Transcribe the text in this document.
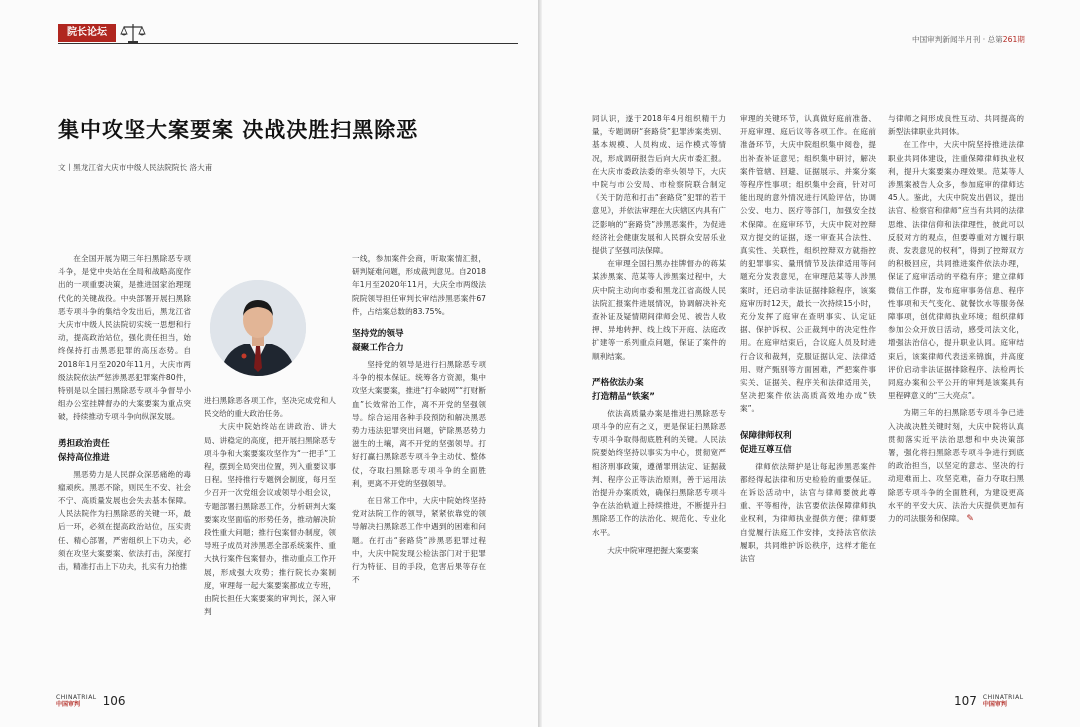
院长论坛
集中攻坚大案要案 决战决胜扫黑除恶
文丨黑龙江省大庆市中级人民法院院长 洛大甫

在全国开展为期三年扫黑除恶专项斗争，是党中央站在全局和战略高度作出的一项重要决策，是推进国家治理现代化的关键战役。中央部署开展扫黑除恶专项斗争的集结令发出后，黑龙江省大庆市中级人民法院切实统一思想和行动，提高政治站位，强化责任担当，始终保持打击黑恶犯罪的高压态势。自2018年1月至2020年11月，大庆市两级法院依法严惩涉黑恶犯罪案件80件，特别是以全国扫黑除恶专项斗争督导小组办公室挂牌督办的大案要案为重点突破，持续推动专项斗争向纵深发展。

勇担政治责任
保持高位推进

黑恶势力是人民群众深恶痛绝的毒瘤顽疾。黑恶不除，则民生不安、社会不宁、高质量发展也会失去基本保障。人民法院作为扫黑除恶的关键一环，最后一环，必须在提高政治站位，压实责任、精心部署，严密组织上下功夫，必须在攻坚大案要案、依法打击，深度打击，精准打击上下功夫，扎实有力抬推

进扫黑除恶各项工作，坚决完成党和人民交给的重大政治任务。

大庆中院始终站在讲政治、讲大局、讲稳定的高度，把开展扫黑除恶专项斗争和大案要案攻坚作为“一把手”工程，摆到全局突出位置，列入重要议事日程。坚持推行专题例会制度，每月至少召开一次党组会议或领导小组会议，专题部署扫黑除恶工作，分析研判大案要案攻坚面临的形势任务，推动解决阶段性重大问题；推行包案督办制度，领导班子成员对涉黑恶全部系统案件、重大执行案件包案督办，推动重点工作开展，形成强大攻势；推行院长办案制度，审理每一起大案要案都成立专班，由院长担任大案要案的审判长，深入审判

一线，参加案件会商，听取案情汇报，研判疑难问题，形成裁判意见。自2018年1月至2020年11月，大庆全市两级法院院领导担任审判长审结涉黑恶案件67件，占结案总数的83.75%。

坚持党的领导
凝聚工作合力

坚持党的领导是进行扫黑除恶专项斗争的根本保证。统筹各方资源，集中攻坚大案要案，推进“打伞破网”“打财断血”长效常治工作，离不开党的坚强领导。综合运用各种手段预防和解决黑恶势力违法犯罪突出问题，铲除黑恶势力滋生的土壤，离不开党的坚强领导。打好打赢扫黑除恶专项斗争主动仗、整体仗，夺取扫黑除恶专项斗争的全面胜利，更离不开党的坚强领导。

在日常工作中，大庆中院始终坚持党对法院工作的领导，紧紧依靠党的领导解决扫黑除恶工作中遇到的困难和问题。在打击“套路贷”涉黑恶犯罪过程中，大庆中院发现公检法部门对于犯罪行为特征、目的手段，危害后果等存在不

CHINATRIAL
中国审判	106
中国审判新闻半月刊 · 总第261期

同认识，遂于2018年4月组织精干力量，专题调研“套路贷”犯罪涉案类别、基本规模、人员构成、运作模式等情况，形成调研报告后向大庆市委汇报。在大庆市委政法委的牵头领导下，大庆中院与市公安局、市检察院联合制定《关于防范和打击“套路贷”犯罪的若干意见》，并依法审理在大庆辖区内具有广泛影响的“套路贷”涉黑恶案件，为促进经济社会健康发展和人民群众安居乐业提供了坚强司法保障。

在审理全国扫黑办挂牌督办的蒋某某涉黑案、范某等人涉黑案过程中，大庆中院主动向市委和黑龙江省高级人民法院汇报案件进展情况，协调解决补充查补证及疑情期间律师会见、被告人收押、异地转押、线上线下开庭、法庭改扩建等一系列重点问题，保证了案件的顺利结案。

严格依法办案
打造精品“铁案”

依法高质量办案是推进扫黑除恶专项斗争的应有之义，更是保证扫黑除恶专项斗争取得彻底胜利的关键。人民法院要始终坚持以事实为中心，贯彻宽严相济刑事政策，遵循罪刑法定、证据裁判、程序公正等法治原则，善于运用法治提升办案质效，确保扫黑除恶专项斗争在法治轨道上持续推进，不断提升扫黑除恶工作的法治化、规范化、专业化水平。

大庆中院审理把握大案要案

审理的关键环节，认真做好庭前准备、开庭审理、庭后议等各项工作。在庭前准备环节，大庆中院组织集中阅卷，提出补查补证意见；组织集中研讨，解决案件管辖、回避、证据展示、并案分案等程序性事项；组织集中会商，针对可能出现的意外情况进行风险评估，协调公安、电力、医疗等部门，加强安全技术保障。在庭审环节，大庆中院对控辩双方提交的证据，逐一审查其合法性、真实性、关联性，组织控辩双方就指控的犯罪事实、量刑情节及法律适用等问题充分发表意见，在审理范某等人涉黑案时，还启动非法证据排除程序，该案庭审历时12天，最长一次持续15小时，充分发挥了庭审在查明事实、认定证据、保护诉权、公正裁判中的决定性作用。在庭审结束后，合议庭人员及时进行合议和裁判，克服证据认定、法律适用、财产甄别等方面困难，严把案件事实关、证据关、程序关和法律适用关，坚决把案件依法高质高效地办成“铁案”。

保障律师权利
促进互尊互信

律师依法辩护是让每起涉黑恶案件都经得起法律和历史检验的重要保证。在诉讼活动中，法官与律师要彼此尊重、平等相待，法官要依法保障律师执业权利，为律师执业提供方便；律师要自觉履行法庭工作安排，支持法官依法履职，共同维护诉讼秩序，这样才能在法官

与律师之间形成良性互动、共同提高的新型法律职业共同体。

在工作中，大庆中院坚持推进法律职业共同体建设，注重保障律师执业权利，提升大案要案办理效果。范某等人涉黑案被告人众多，参加庭审的律师达45人。鉴此，大庆中院发出倡议，提出法官、检察官和律师“应当有共同的法律思维、法律信仰和法律理性，彼此可以反驳对方的观点，但要尊重对方履行职责、发表意见的权利”，得到了控辩双方的积极回应，共同推进案件依法办理，保证了庭审活动的平稳有序；建立律师微信工作群，发布庭审事务信息、程序性事项和天气变化、就餐饮水等服务保障事项，创优律师执业环境；组织律师参加公众开放日活动，感受司法文化，增强法治信心，提升职业认同。庭审结束后，该案律师代表送来锦旗，并高度评价启动非法证据排除程序、法检两长同庭办案和公平公开的审判是该案具有里程碑意义的“三大亮点”。

为期三年的扫黑除恶专项斗争已进入决战决胜关键时刻，大庆中院将认真贯彻落实近平法治思想和中央决策部署，强化将扫黑除恶专项斗争进行到底的政治担当，以坚定的意志、坚决的行动迎难而上、攻坚克难，奋力夺取扫黑除恶专项斗争的全面胜利，为建设更高水平的平安大庆、法治大庆提供更加有力的司法服务和保障。 ✎

107 CHINATRIAL
中国审判
